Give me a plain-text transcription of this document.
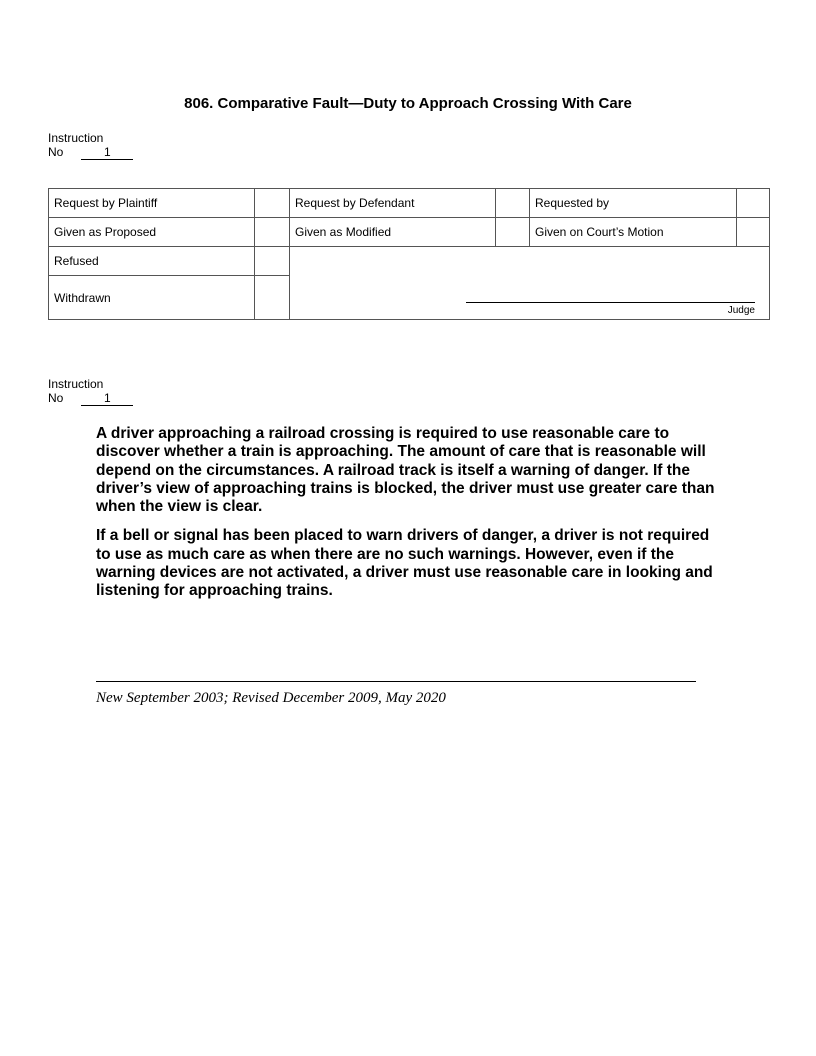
806. Comparative Fault—Duty to Approach Crossing With Care
Instruction
No	1
Request by Plaintiff		Request by Defendant		Requested by	
Given as Proposed		Given as Modified		Given on Court’s Motion	
Refused		Judge			

Withdrawn					
Instruction
No	1

A driver approaching a railroad crossing is required to use reasonable care to discover whether a train is approaching. The amount of care that is reasonable will depend on the circumstances. A railroad track is itself a warning of danger. If the driver’s view of approaching trains is blocked, the driver must use greater care than when the view is clear.

If a bell or signal has been placed to warn drivers of danger, a driver is not required to use as much care as when there are no such warnings. However, even if the warning devices are not activated, a driver must use reasonable care in looking and listening for approaching trains.

New September 2003; Revised December 2009, May 2020
